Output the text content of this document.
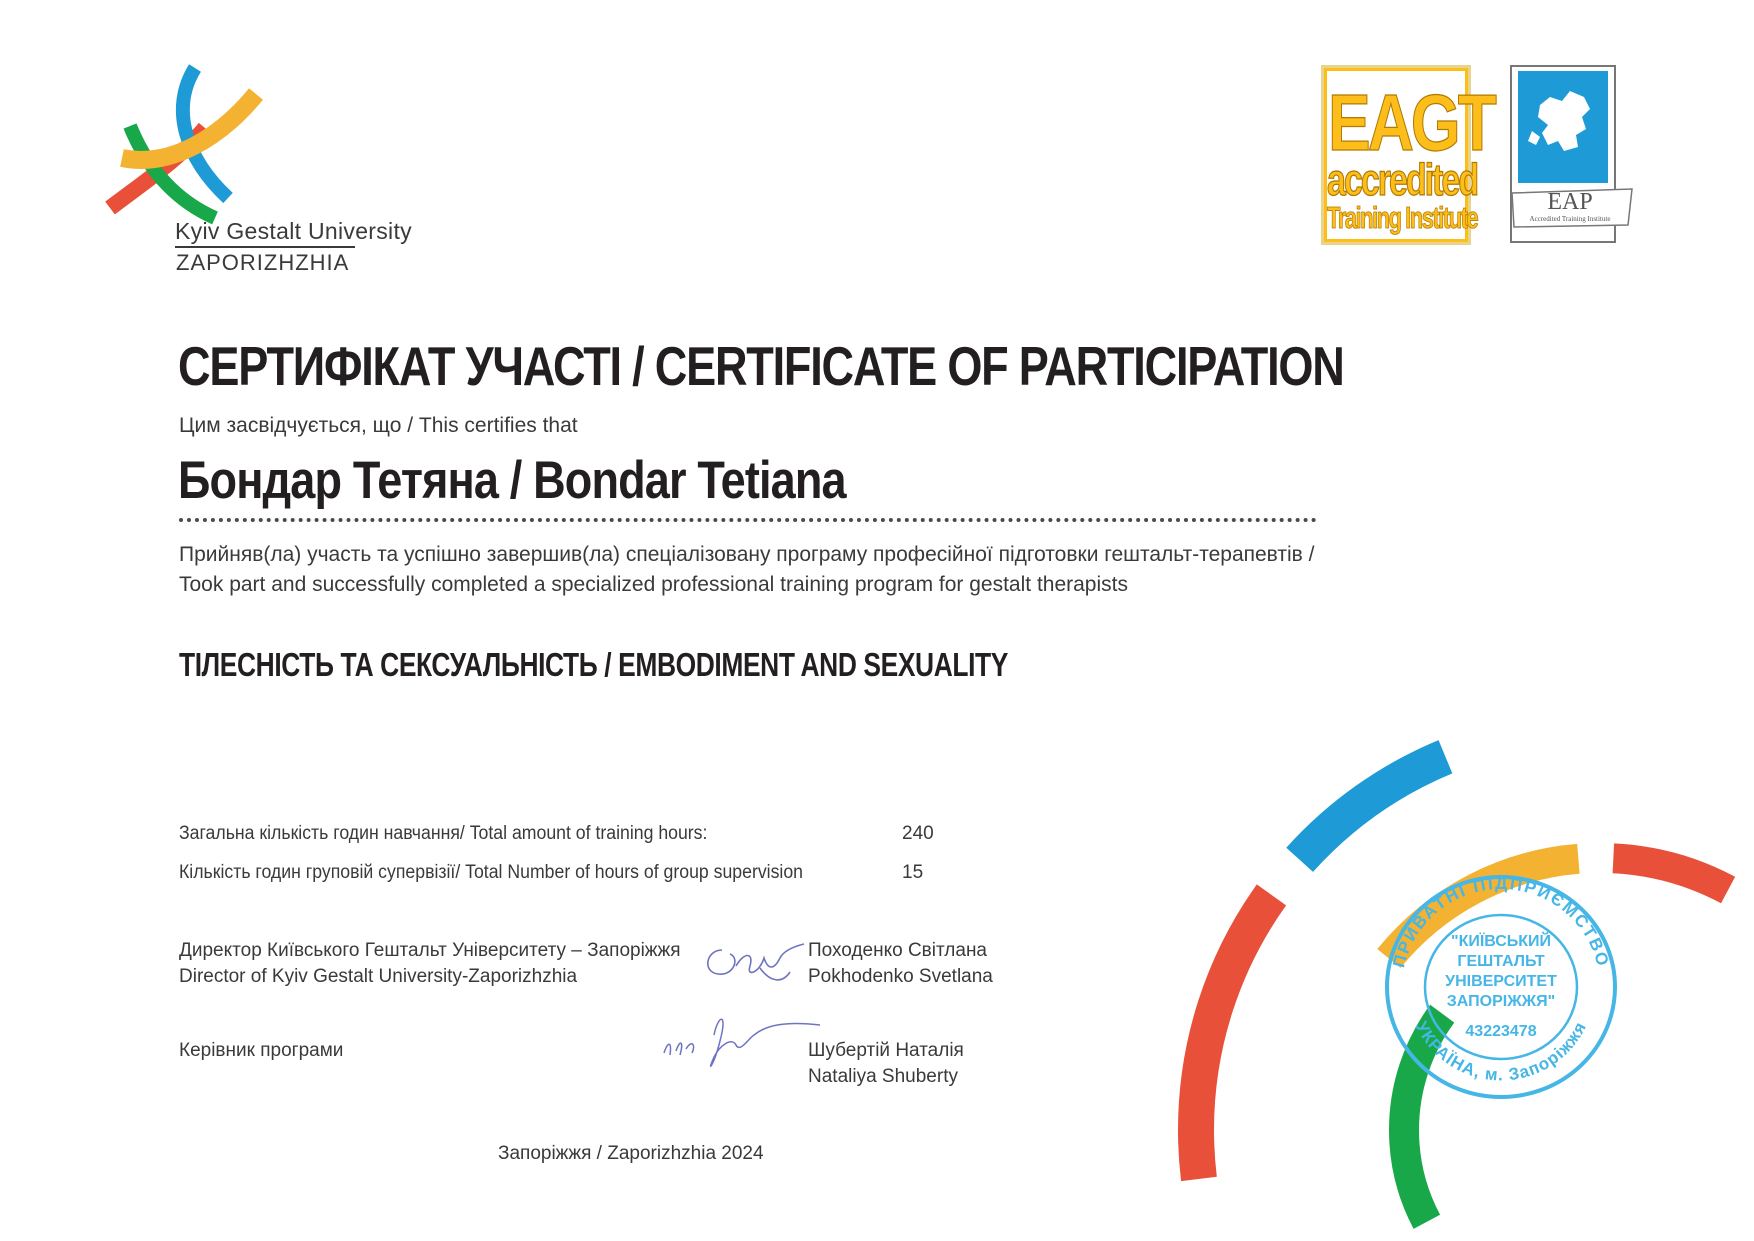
Kyiv Gestalt University
ZAPORIZHZHIA
EAGT
accredited
Training Institute	EAP
Accredited Training Institute
СЕРТИФІКАТ УЧАСТІ / CERTIFICATE OF PARTICIPATION
Цим засвідчується, що / This certifies that
Бондар Тетяна / Bondar Tetiana
Прийняв(ла) участь та успішно завершив(ла) спеціалізовану програму професійної підготовки гештальт-терапевтів /
Took part and successfully completed a specialized professional training program for gestalt therapists
ТІЛЕСНІСТЬ ТА СЕКСУАЛЬНІСТЬ / EMBODIMENT AND SEXUALITY
Загальна кількість годин навчання/ Total amount of training hours:	240
Кількість годин груповій супервізії/ Total Number of hours of group supervision	15
Директор Київського Гештальт Університету – Запоріжжя
Director of Kyiv Gestalt University-Zaporizhzhia
Походенко Світлана
Pokhodenko Svetlana
Керівник програми	Шубертій Наталія
Nataliya Shuberty
Запоріжжя / Zaporizhzhia 2024
ПРИВАТНІ ПІДПРИЄМСТВО
УКРАЇНА, м. Запоріжжя
"КИЇВСЬКИЙ
ГЕШТАЛЬТ
УНІВЕРСИТЕТ
ЗАПОРІЖЖЯ"
43223478
